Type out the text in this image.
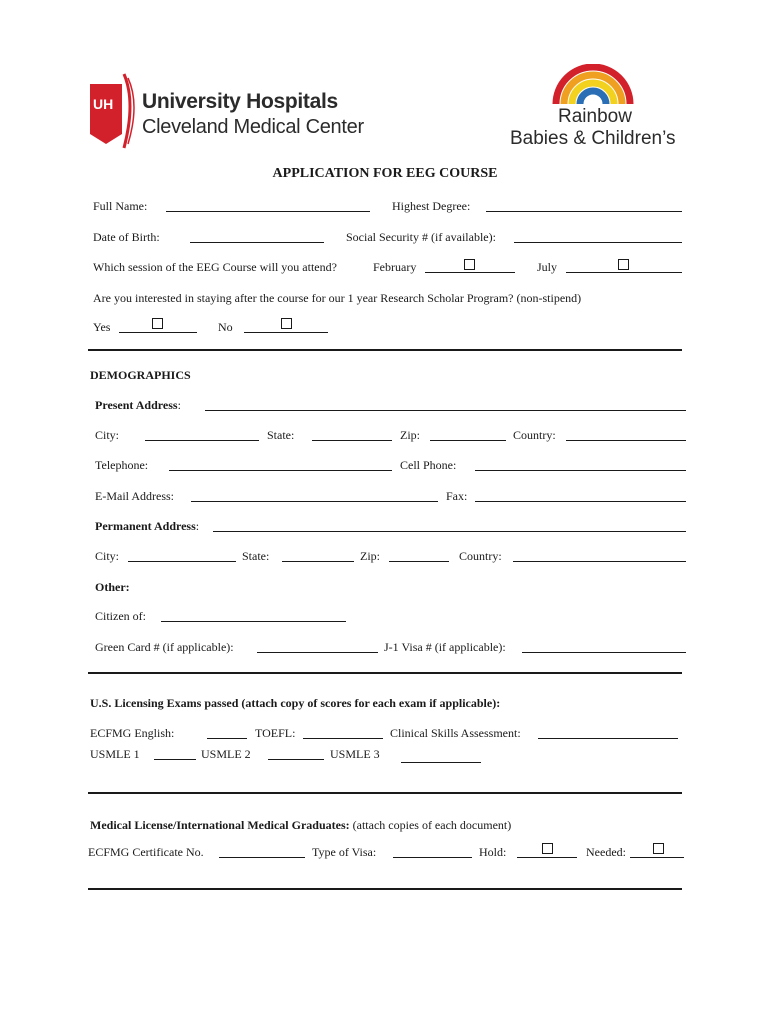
UH University Hospitals
Cleveland Medical Center	Rainbow
Babies & Children’s
APPLICATION FOR EEG COURSE
Full Name:	Highest Degree:
Date of Birth:	Social Security # (if available):
Which session of the EEG Course will you attend?	February	July
Are you interested in staying after the course for our 1 year Research Scholar Program? (non-stipend)
Yes	No
DEMOGRAPHICS
Present Address:
City:	State:	Zip:	Country:
Telephone:	Cell Phone:
E-Mail Address:	Fax:
Permanent Address:
City:	State:	Zip:	Country:
Other:
Citizen of:
Green Card # (if applicable):	J-1 Visa # (if applicable):
U.S. Licensing Exams passed (attach copy of scores for each exam if applicable):
ECFMG English:	TOEFL:	Clinical Skills Assessment:
USMLE 1	USMLE 2	USMLE 3
Medical License/International Medical Graduates: (attach copies of each document)
ECFMG Certificate No.	Type of Visa:	Hold:	Needed:
